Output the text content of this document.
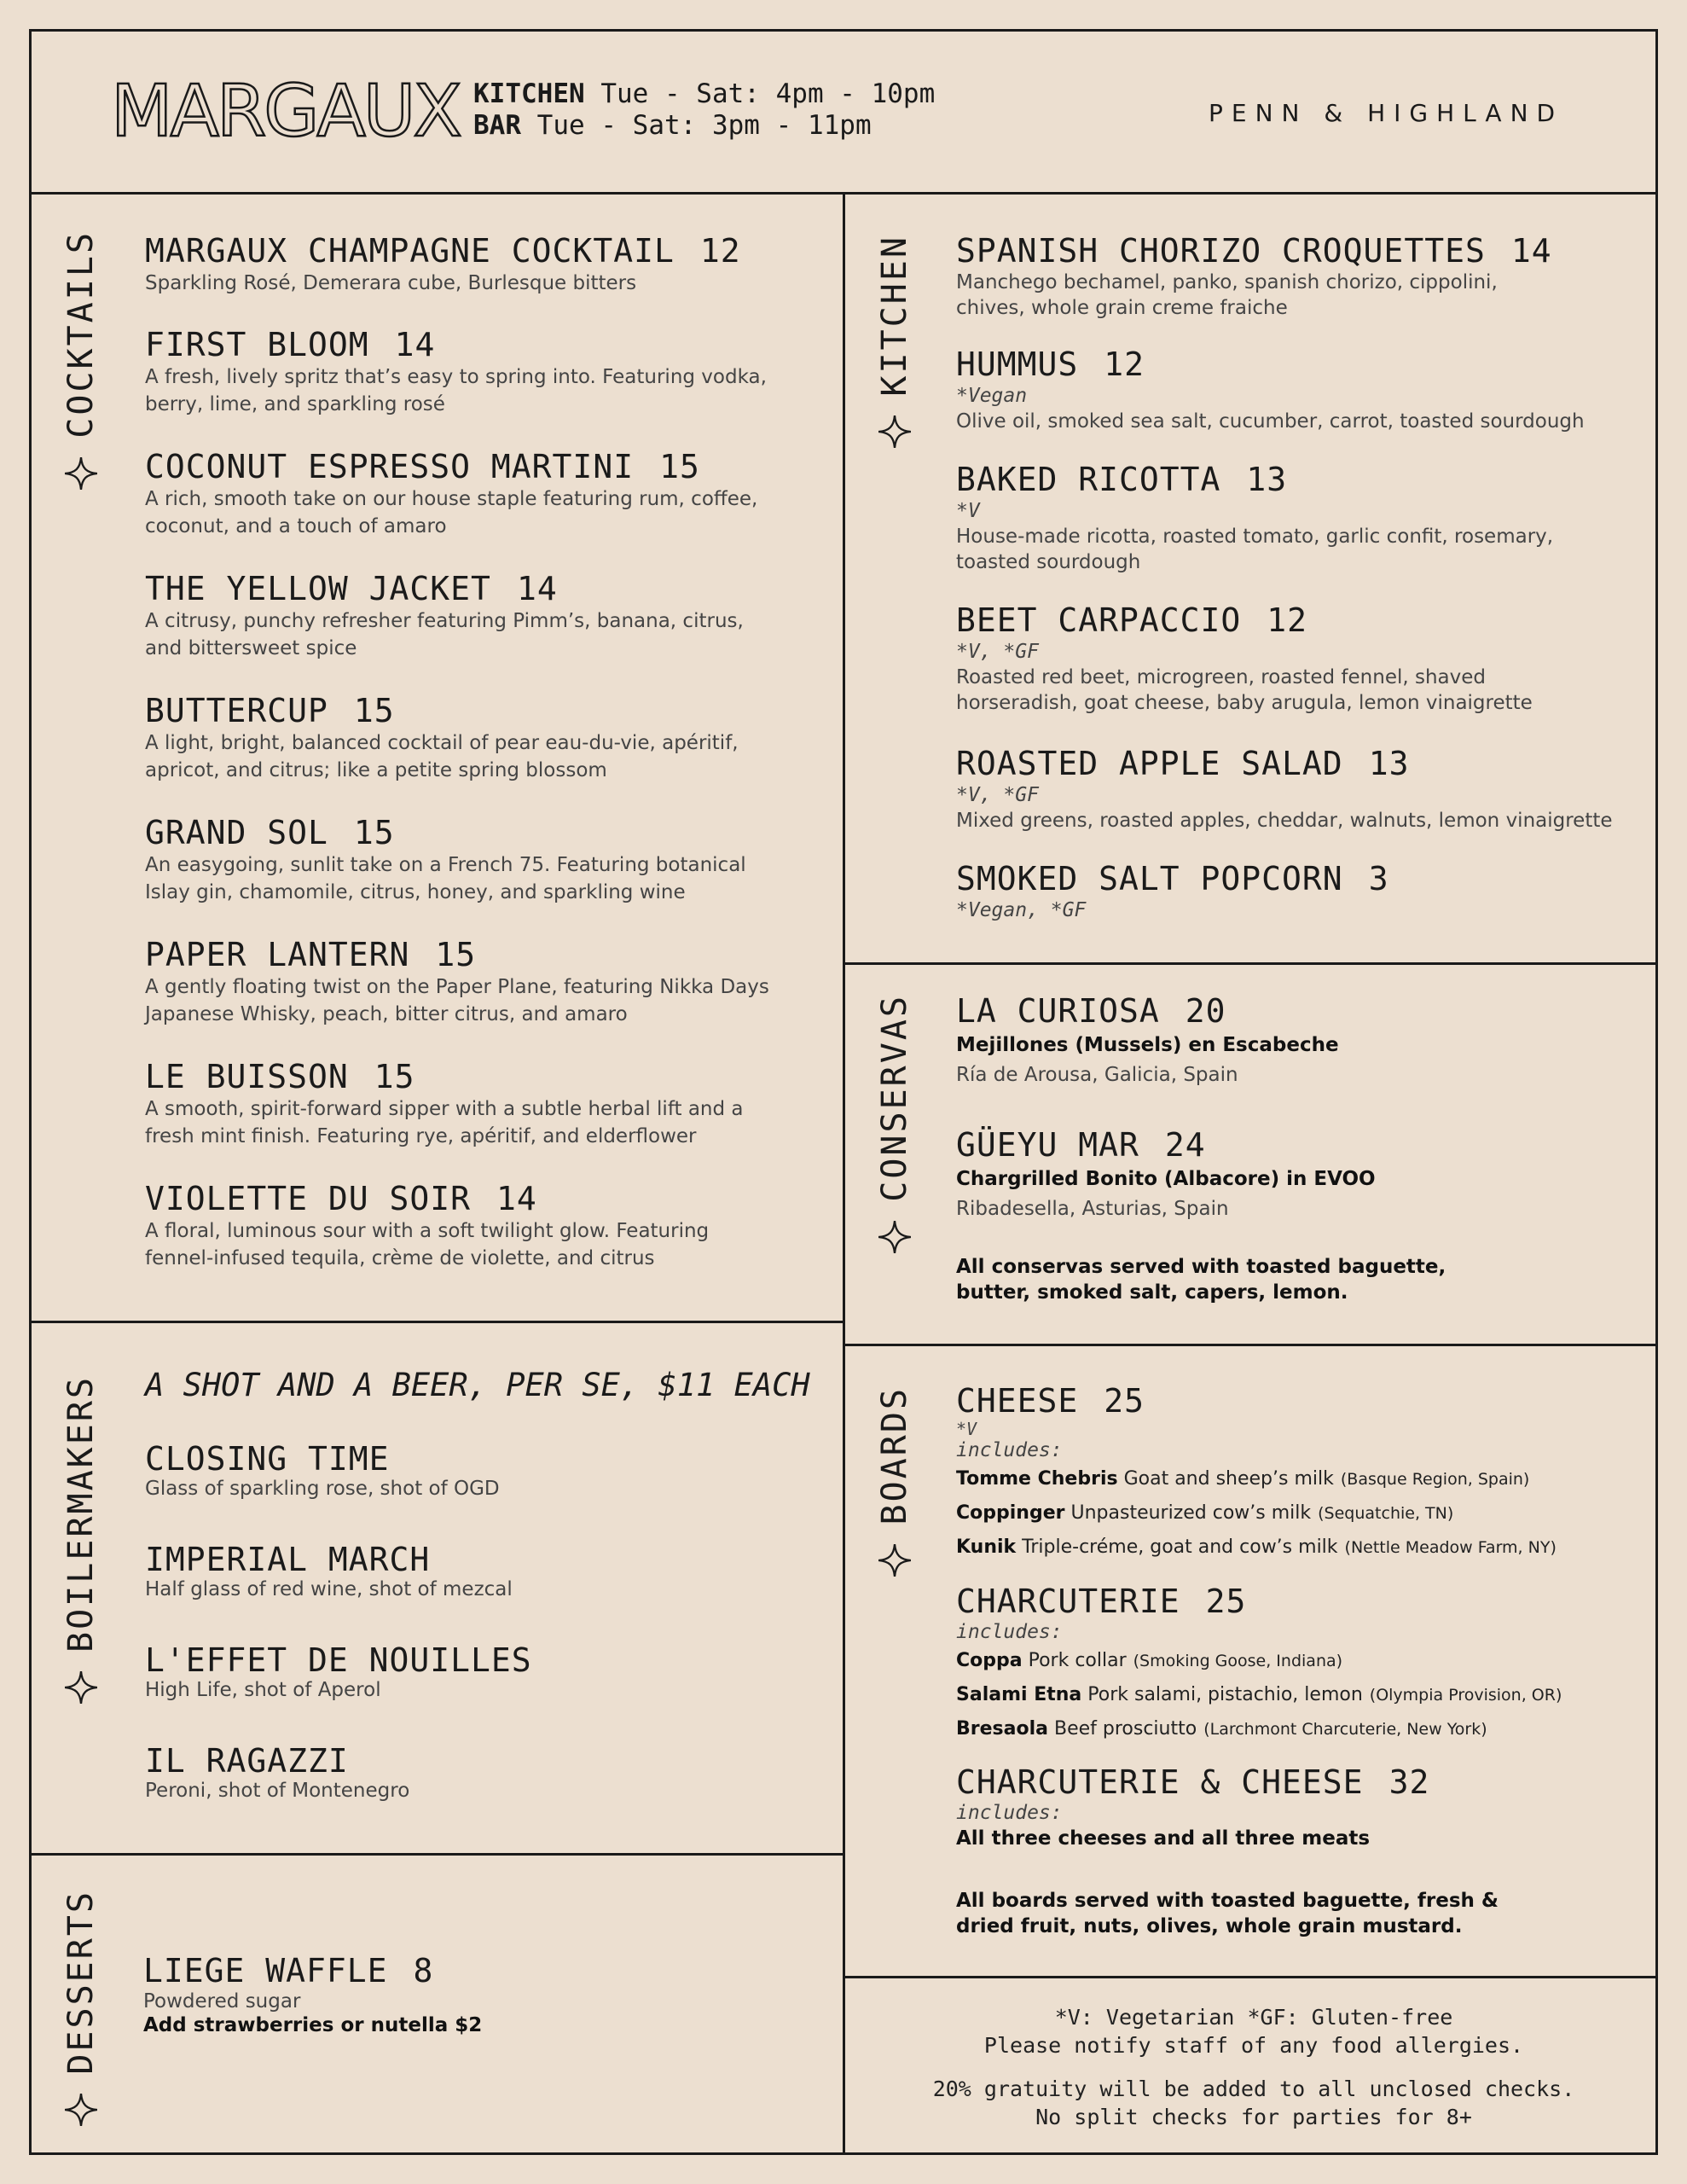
MARGAUX KITCHEN Tue - Sat: 4pm - 10pm
BAR Tue - Sat: 3pm - 11pm	PENN & HIGHLAND
COCKTAILS
BOILERMAKERS
DESSERTS
KITCHEN
CONSERVAS
BOARDS
MARGAUX CHAMPAGNE COCKTAIL 12
Sparkling Rosé, Demerara cube, Burlesque bitters
FIRST BLOOM 14
A fresh, lively spritz that’s easy to spring into. Featuring vodka,
berry, lime, and sparkling rosé
COCONUT ESPRESSO MARTINI 15
A rich, smooth take on our house staple featuring rum, coffee,
coconut, and a touch of amaro
THE YELLOW JACKET 14
A citrusy, punchy refresher featuring Pimm’s, banana, citrus,
and bittersweet spice
BUTTERCUP 15
A light, bright, balanced cocktail of pear eau-du-vie, apéritif,
apricot, and citrus; like a petite spring blossom
GRAND SOL 15
An easygoing, sunlit take on a French 75. Featuring botanical
Islay gin, chamomile, citrus, honey, and sparkling wine
PAPER LANTERN 15
A gently floating twist on the Paper Plane, featuring Nikka Days
Japanese Whisky, peach, bitter citrus, and amaro
LE BUISSON 15
A smooth, spirit-forward sipper with a subtle herbal lift and a
fresh mint finish. Featuring rye, apéritif, and elderflower
VIOLETTE DU SOIR 14
A floral, luminous sour with a soft twilight glow. Featuring
fennel-infused tequila, crème de violette, and citrus
A SHOT AND A BEER, PER SE, $11 EACH
CLOSING TIME
Glass of sparkling rose, shot of OGD
IMPERIAL MARCH
Half glass of red wine, shot of mezcal
L'EFFET DE NOUILLES
High Life, shot of Aperol
IL RAGAZZI
Peroni, shot of Montenegro
LIEGE WAFFLE 8
Powdered sugar
Add strawberries or nutella $2
SPANISH CHORIZO CROQUETTES 14
Manchego bechamel, panko, spanish chorizo, cippolini,
chives, whole grain creme fraiche
HUMMUS 12
*Vegan
Olive oil, smoked sea salt, cucumber, carrot, toasted sourdough
BAKED RICOTTA 13
*V
House-made ricotta, roasted tomato, garlic confit, rosemary,
toasted sourdough
BEET CARPACCIO 12
*V, *GF
Roasted red beet, microgreen, roasted fennel, shaved
horseradish, goat cheese, baby arugula, lemon vinaigrette
ROASTED APPLE SALAD 13
*V, *GF
Mixed greens, roasted apples, cheddar, walnuts, lemon vinaigrette
SMOKED SALT POPCORN 3
*Vegan, *GF
LA CURIOSA 20
Mejillones (Mussels) en Escabeche
Ría de Arousa, Galicia, Spain
GÜEYU MAR 24
Chargrilled Bonito (Albacore) in EVOO
Ribadesella, Asturias, Spain
All conservas served with toasted baguette,
butter, smoked salt, capers, lemon.
CHEESE 25
*V
includes:
Tomme Chebris Goat and sheep’s milk (Basque Region, Spain)
Coppinger Unpasteurized cow’s milk (Sequatchie, TN)
Kunik Triple-créme, goat and cow’s milk (Nettle Meadow Farm, NY)
CHARCUTERIE 25
includes:
Coppa Pork collar (Smoking Goose, Indiana)
Salami Etna Pork salami, pistachio, lemon (Olympia Provision, OR)
Bresaola Beef prosciutto (Larchmont Charcuterie, New York)
CHARCUTERIE & CHEESE 32
includes:
All three cheeses and all three meats
All boards served with toasted baguette, fresh &
dried fruit, nuts, olives, whole grain mustard.
*V: Vegetarian *GF: Gluten-free
Please notify staff of any food allergies.
20% gratuity will be added to all unclosed checks.
No split checks for parties for 8+
